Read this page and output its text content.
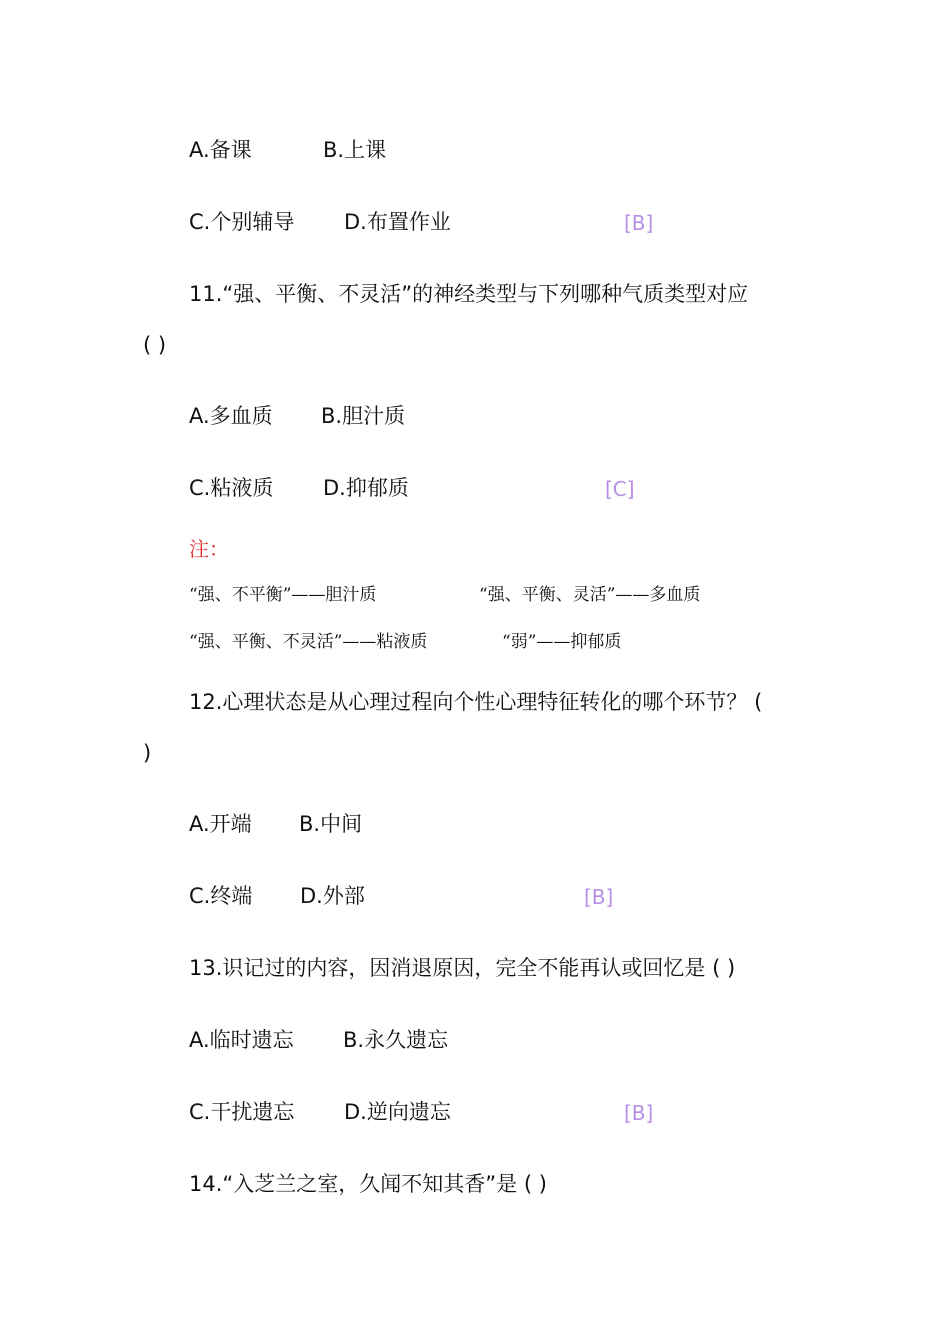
A.备课	B.上课
C.个别辅导 D.布置作业	[B]
11.“强、平衡、不灵活”的神经类型与下列哪种气质类型对应
( )
A.多血质 B.胆汁质
C.粘液质 D.抑郁质	[C]
注：
“强、不平衡”——胆汁质	“强、平衡、灵活”——多血质
“强、平衡、不灵活”——粘液质	“弱”——抑郁质
12.心理状态是从心理过程向个性心理特征转化的哪个环节？ (
)
A.开端 B.中间
C.终端 D.外部	[B]
13.识记过的内容，因消退原因，完全不能再认或回忆是 ( )
A.临时遗忘 B.永久遗忘
C.干扰遗忘 D.逆向遗忘	[B]
14.“入芝兰之室，久闻不知其香”是 ( )
